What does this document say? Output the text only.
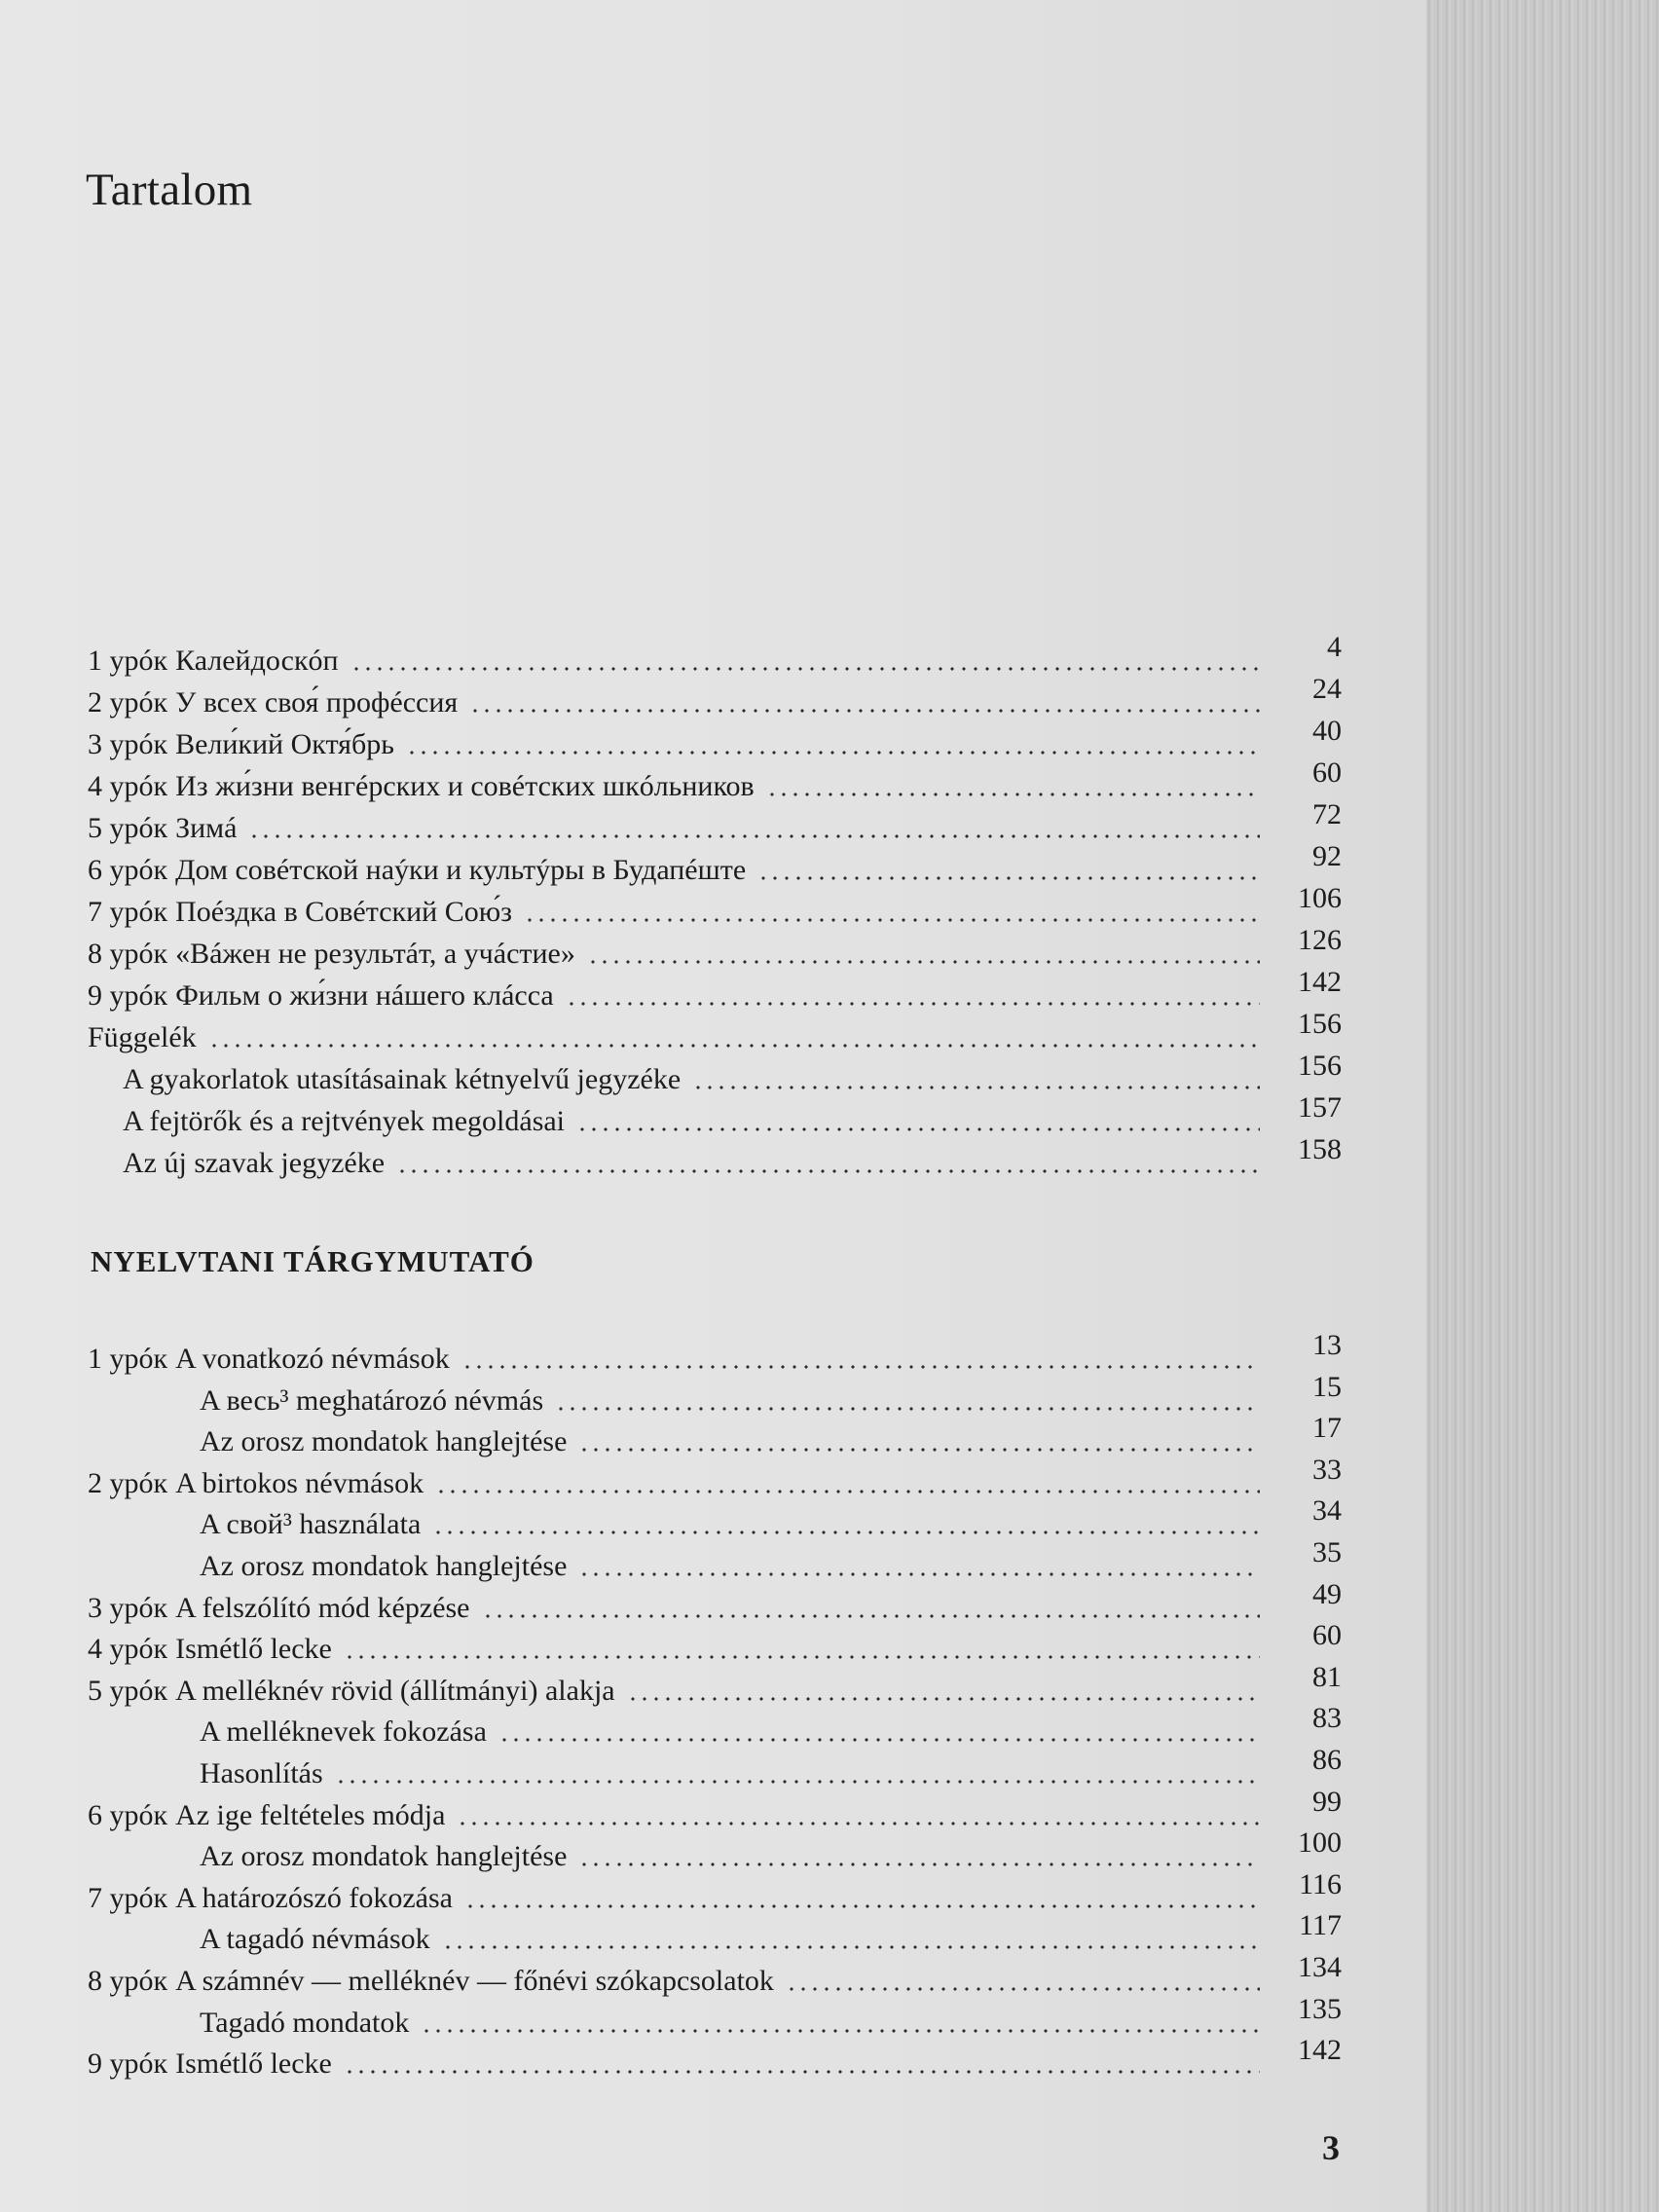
Tartalom
1 урóк Калейдоскóп	4
2 урóк У всех своя́ профéссия	24
3 урóк Вели́кий Октя́брь	40
4 урóк Из жи́зни венгéрских и совéтских шкóльников	60
5 урóк Зимá	72
6 урóк Дом совéтской наýки и культýры в Будапéште	92
7 урóк Поéздка в Совéтский Сою́з	106
8 урóк «Вáжен не результáт, а учáстие»	126
9 урóк Фильм о жи́зни нáшего клáсса	142
Függelék	156
A gyakorlatok utasításainak kétnyelvű jegyzéke	156
A fejtörők és a rejtvények megoldásai	157
Az új szavak jegyzéke	158
NYELVTANI TÁRGYMUTATÓ
1 урóк A vonatkozó névmások	13
A весь³ meghatározó névmás	15
Az orosz mondatok hanglejtése	17
2 урóк A birtokos névmások	33
A свой³ használata	34
Az orosz mondatok hanglejtése	35
3 урóк A felszólító mód képzése	49
4 урóк Ismétlő lecke	60
5 урóк A melléknév rövid (állítmányi) alakja	81
A melléknevek fokozása	83
Hasonlítás	86
6 урóк Az ige feltételes módja	99
Az orosz mondatok hanglejtése	100
7 урóк A határozószó fokozása	116
A tagadó névmások	117
8 урóк A számnév — melléknév — főnévi szókapcsolatok	134
Tagadó mondatok	135
9 урóк Ismétlő lecke	142
3
